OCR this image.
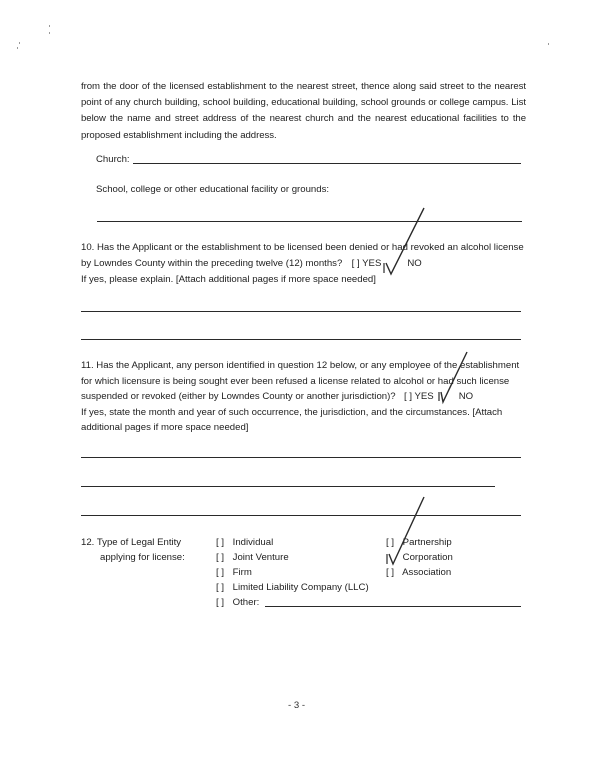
from the door of the licensed establishment to the nearest street, thence along said street to the nearest point of any church building, school building, educational building, school grounds or college campus. List below the name and street address of the nearest church and the nearest educational facilities to the proposed establishment including the address.
Church:
School, college or other educational facility or grounds:
10. Has the Applicant or the establishment to be licensed been denied or had revoked an alcohol license
by Lowndes County within the preceding twelve (12) months? [ ] YES	NO
If yes, please explain. [Attach additional pages if more space needed]
11. Has the Applicant, any person identified in question 12 below, or any employee of the establishment
for which licensure is being sought ever been refused a license related to alcohol or had such license
suspended or revoked (either by Lowndes County or another jurisdiction)? [ ] YES	NO
If yes, state the month and year of such occurrence, the jurisdiction, and the circumstances. [Attach
additional pages if more space needed]
12. Type of Legal Entity
applying for license:
[ ] Individual
[ ] Joint Venture
[ ] Firm
[ ] Limited Liability Company (LLC)
[ ] Other:
[ ] Partnership
Corporation
[ ] Association
- 3 -
